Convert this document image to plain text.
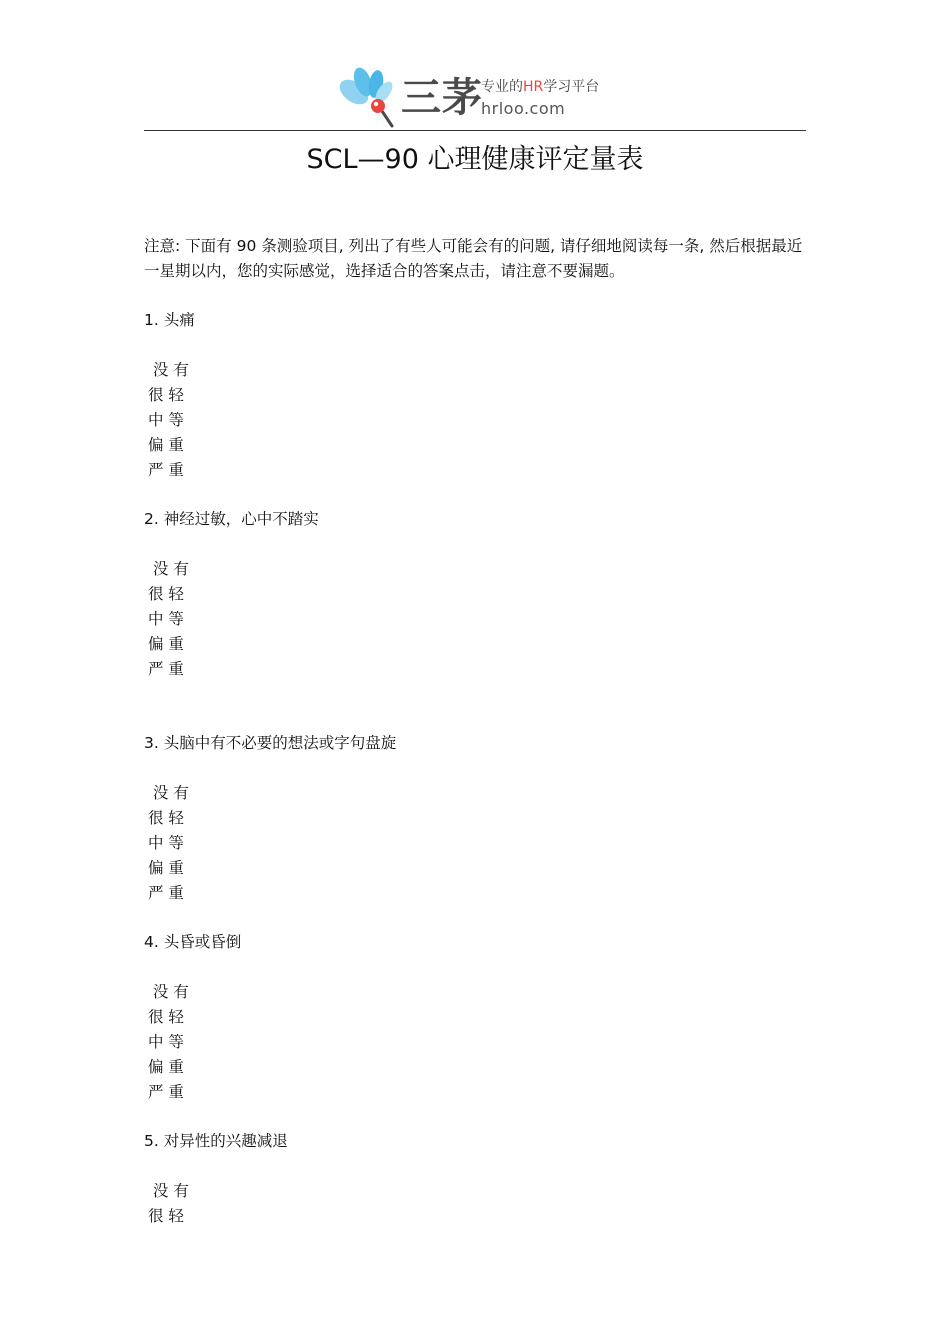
三茅
专业的HR学习平台
hrloo.com
SCL—90 心理健康评定量表
注意: 下面有 90 条测验项目, 列出了有些人可能会有的问题, 请仔细地阅读每一条, 然后根据最近一星期以内，您的实际感觉，选择适合的答案点击，请注意不要漏题。
1. 头痛
没 有
很 轻
中 等
偏 重
严 重
2. 神经过敏，心中不踏实
没 有
很 轻
中 等
偏 重
严 重
3. 头脑中有不必要的想法或字句盘旋
没 有
很 轻
中 等
偏 重
严 重
4. 头昏或昏倒
没 有
很 轻
中 等
偏 重
严 重
5. 对异性的兴趣减退
没 有
很 轻
